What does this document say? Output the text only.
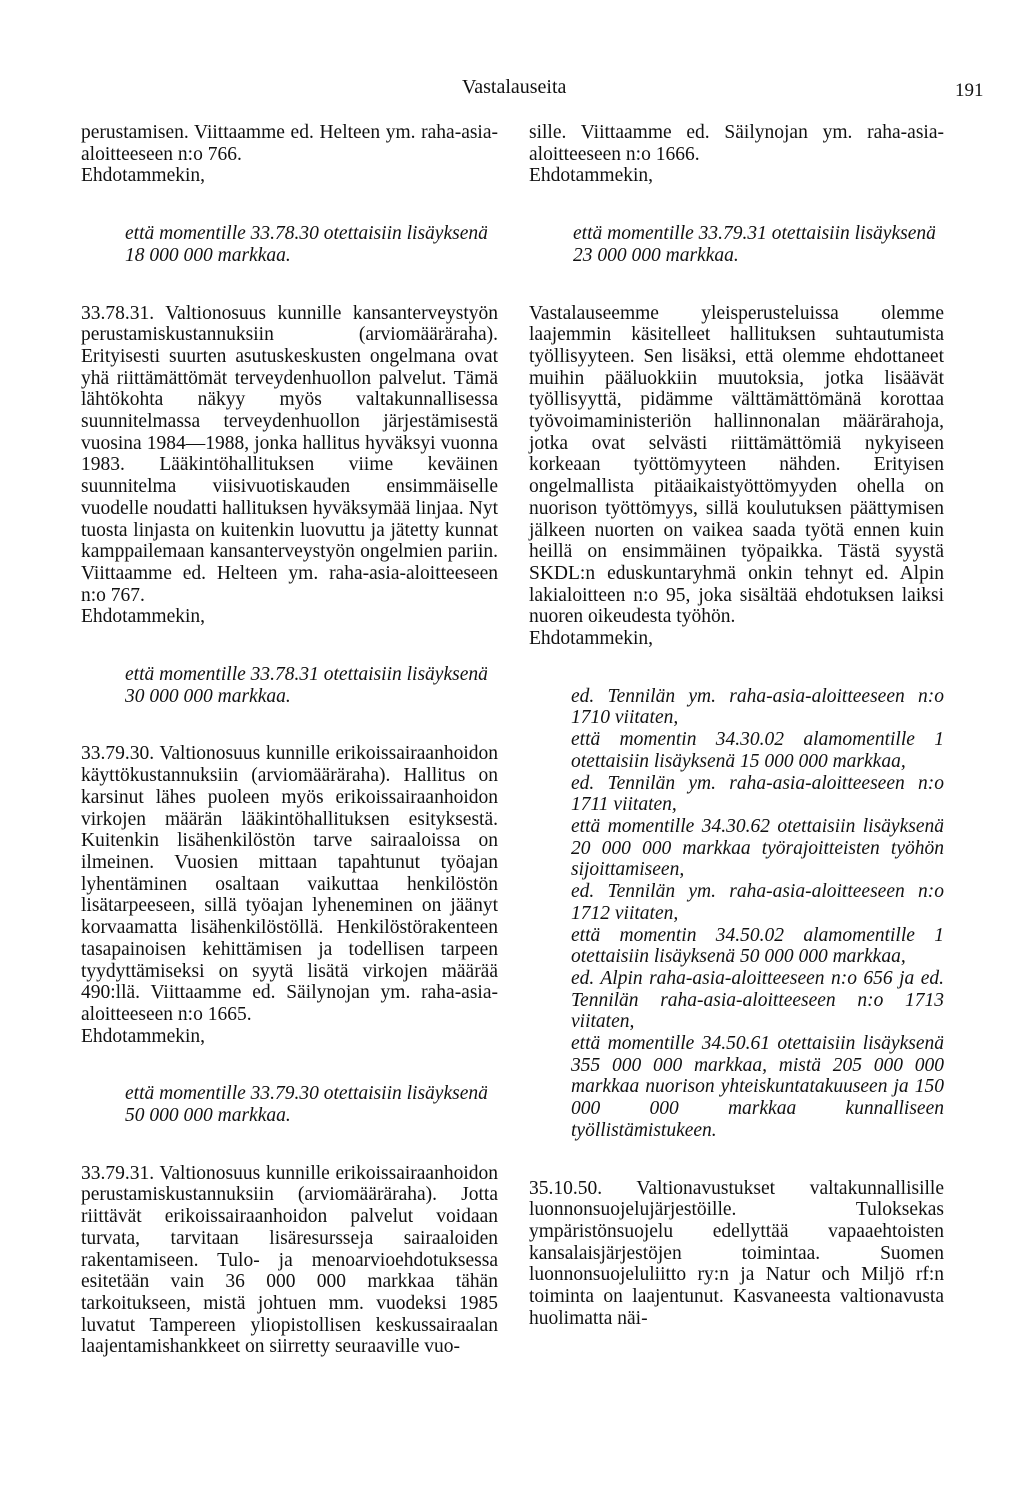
Vastalauseita	191

perustamisen. Viittaamme ed. Helteen ym. raha-asia-aloitteeseen n:o 766.

Ehdotammekin,

että momentille 33.78.30 otettaisiin lisäyksenä 18 000 000 markkaa.

33.78.31. Valtionosuus kunnille kansanterveystyön perustamiskustannuksiin (arviomääräraha). Erityisesti suurten asutuskeskusten ongelmana ovat yhä riittämättömät terveydenhuollon palvelut. Tämä lähtökohta näkyy myös valtakunnallisessa suunnitelmassa terveydenhuollon järjestämisestä vuosina 1984—1988, jonka hallitus hyväksyi vuonna 1983. Lääkintöhallituksen viime keväinen suunnitelma viisivuotiskauden ensimmäiselle vuodelle noudatti hallituksen hyväksymää linjaa. Nyt tuosta linjasta on kuitenkin luovuttu ja jätetty kunnat kamppailemaan kansanterveystyön ongelmien pariin. Viittaamme ed. Helteen ym. raha-asia-aloitteeseen n:o 767.

Ehdotammekin,

että momentille 33.78.31 otettaisiin lisäyksenä 30 000 000 markkaa.

33.79.30. Valtionosuus kunnille erikoissairaanhoidon käyttökustannuksiin (arviomääräraha). Hallitus on karsinut lähes puoleen myös erikoissairaanhoidon virkojen määrän lääkintöhallituksen esityksestä. Kuitenkin lisähenkilöstön tarve sairaaloissa on ilmeinen. Vuosien mittaan tapahtunut työajan lyhentäminen osaltaan vaikuttaa henkilöstön lisätarpeeseen, sillä työajan lyheneminen on jäänyt korvaamatta lisähenkilöstöllä. Henkilöstörakenteen tasapainoisen kehittämisen ja todellisen tarpeen tyydyttämiseksi on syytä lisätä virkojen määrää 490:llä. Viittaamme ed. Säilynojan ym. raha-asia-aloitteeseen n:o 1665.

Ehdotammekin,

että momentille 33.79.30 otettaisiin lisäyksenä 50 000 000 markkaa.

33.79.31. Valtionosuus kunnille erikoissairaanhoidon perustamiskustannuksiin (arviomääräraha). Jotta riittävät erikoissairaanhoidon palvelut voidaan turvata, tarvitaan lisäresursseja sairaaloiden rakentamiseen. Tulo- ja menoarvioehdotuksessa esitetään vain 36 000 000 markkaa tähän tarkoitukseen, mistä johtuen mm. vuodeksi 1985 luvatut Tampereen yliopistollisen keskussairaalan laajentamishankkeet on siirretty seuraaville vuo-

sille. Viittaamme ed. Säilynojan ym. raha-asia-aloitteeseen n:o 1666.

Ehdotammekin,

että momentille 33.79.31 otettaisiin lisäyksenä 23 000 000 markkaa.

Vastalauseemme yleisperusteluissa olemme laajemmin käsitelleet hallituksen suhtautumista työllisyyteen. Sen lisäksi, että olemme ehdottaneet muihin pääluokkiin muutoksia, jotka lisäävät työllisyyttä, pidämme välttämättömänä korottaa työvoimaministeriön hallinnonalan määrärahoja, jotka ovat selvästi riittämättömiä nykyiseen korkeaan työttömyyteen nähden. Erityisen ongelmallista pitäaikaistyöttömyyden ohella on nuorison työttömyys, sillä koulutuksen päättymisen jälkeen nuorten on vaikea saada työtä ennen kuin heillä on ensimmäinen työpaikka. Tästä syystä SKDL:n eduskuntaryhmä onkin tehnyt ed. Alpin lakialoitteen n:o 95, joka sisältää ehdotuksen laiksi nuoren oikeudesta työhön.

Ehdotammekin,

ed. Tennilän ym. raha-asia-aloitteeseen n:o 1710 viitaten,

että momentin 34.30.02 alamomentille 1 otettaisiin lisäyksenä 15 000 000 markkaa,

ed. Tennilän ym. raha-asia-aloitteeseen n:o 1711 viitaten,

että momentille 34.30.62 otettaisiin lisäyksenä 20 000 000 markkaa työrajoitteisten työhön sijoittamiseen,

ed. Tennilän ym. raha-asia-aloitteeseen n:o 1712 viitaten,

että momentin 34.50.02 alamomentille 1 otettaisiin lisäyksenä 50 000 000 markkaa,

ed. Alpin raha-asia-aloitteeseen n:o 656 ja ed. Tennilän raha-asia-aloitteeseen n:o 1713 viitaten,

että momentille 34.50.61 otettaisiin lisäyksenä 355 000 000 markkaa, mistä 205 000 000 markkaa nuorison yhteiskuntatakuuseen ja 150 000 000 markkaa kunnalliseen työllistämistukeen.

35.10.50. Valtionavustukset valtakunnallisille luonnonsuojelujärjestöille. Tuloksekas ympäristönsuojelu edellyttää vapaaehtoisten kansalaisjärjestöjen toimintaa. Suomen luonnonsuojeluliitto ry:n ja Natur och Miljö rf:n toiminta on laajentunut. Kasvaneesta valtionavusta huolimatta näi-
